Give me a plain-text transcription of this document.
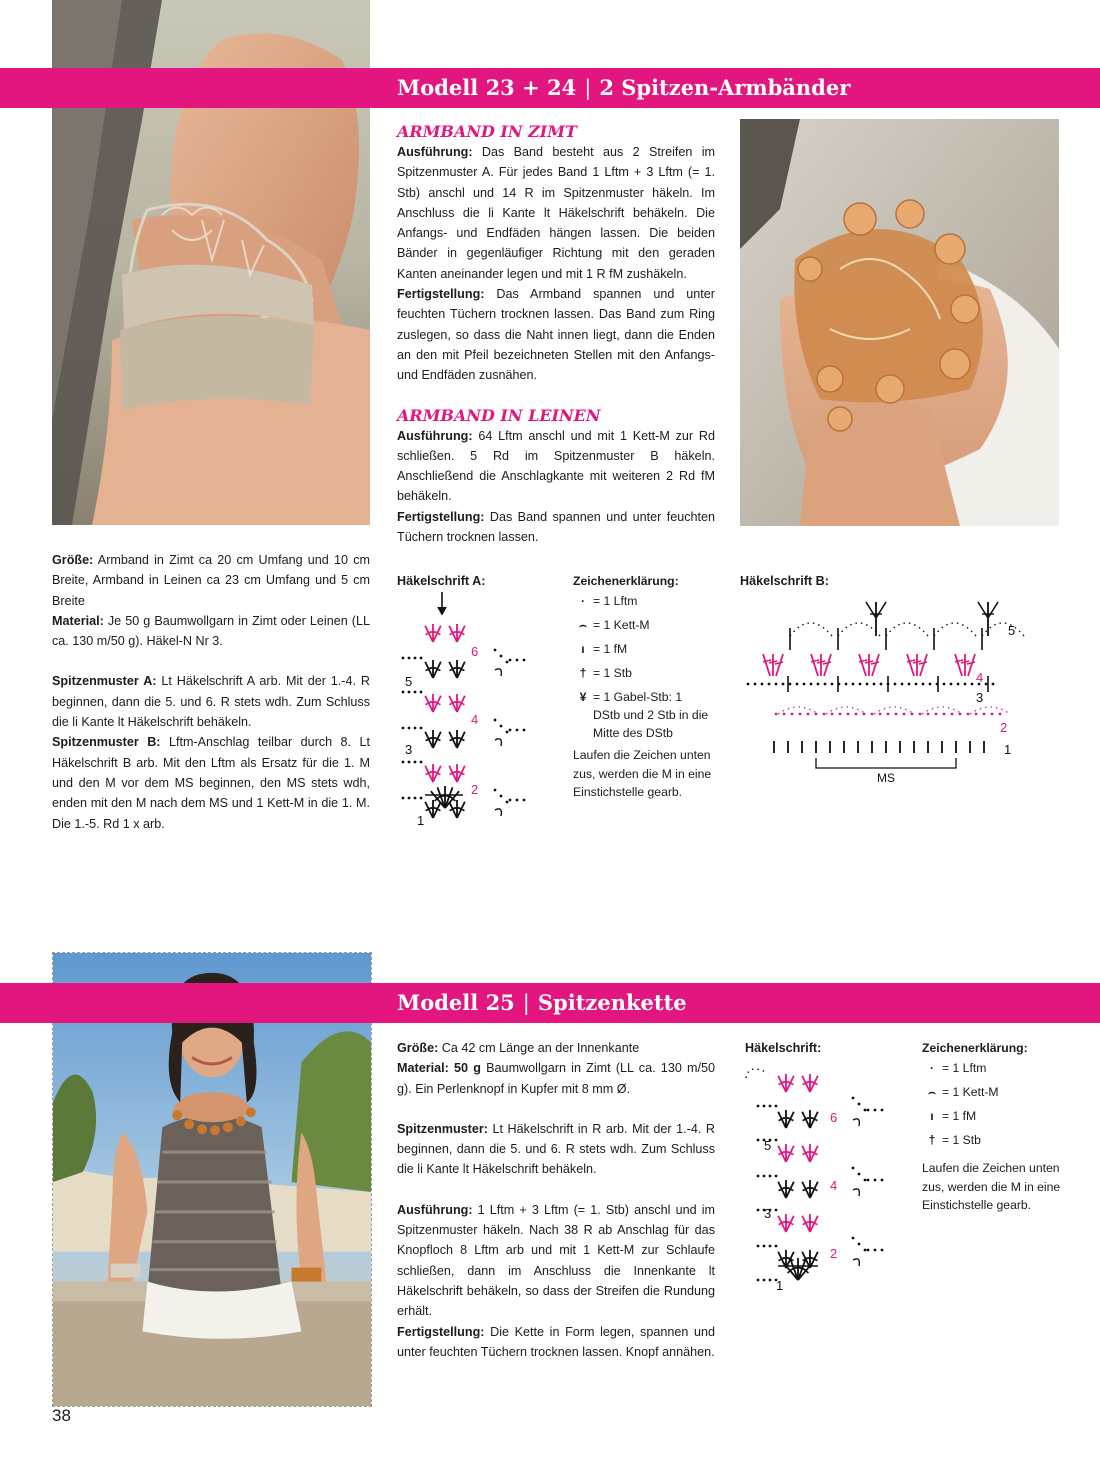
Modell 23 + 24 | 2 Spitzen-Armbänder

ARMBAND IN ZIMT

Ausführung: Das Band besteht aus 2 Streifen im Spitzenmuster A. Für jedes Band 1 Lftm + 3 Lftm (= 1. Stb) anschl und 14 R im Spitzenmuster häkeln. Im Anschluss die li Kante lt Häkelschrift behäkeln. Die Anfangs- und Endfäden hängen lassen. Die beiden Bänder in gegenläufiger Richtung mit den geraden Kanten aneinander legen und mit 1 R fM zushäkeln.

Fertigstellung: Das Armband spannen und unter feuchten Tüchern trocknen lassen. Das Band zum Ring zuslegen, so dass die Naht innen liegt, dann die Enden an den mit Pfeil bezeichneten Stellen mit den Anfangs- und Endfäden zusnähen.

ARMBAND IN LEINEN

Ausführung: 64 Lftm anschl und mit 1 Kett-M zur Rd schließen. 5 Rd im Spitzenmuster B häkeln. Anschließend die Anschlagkante mit weiteren 2 Rd fM behäkeln.

Fertigstellung: Das Band spannen und unter feuchten Tüchern trocknen lassen.

Größe: Armband in Zimt ca 20 cm Umfang und 10 cm Breite, Armband in Leinen ca 23 cm Umfang und 5 cm Breite

Material: Je 50 g Baumwollgarn in Zimt oder Leinen (LL ca. 130 m/50 g). Häkel-N Nr 3.

Spitzenmuster A: Lt Häkelschrift A arb. Mit der 1.-4. R beginnen, dann die 5. und 6. R stets wdh. Zum Schluss die li Kante lt Häkelschrift behäkeln.

Spitzenmuster B: Lftm-Anschlag teilbar durch 8. Lt Häkelschrift B arb. Mit den Lftm als Ersatz für die 1. M und den M vor dem MS beginnen, den MS stets wdh, enden mit den M nach dem MS und 1 Kett-M in die 1. M. Die 1.-5. Rd 1 x arb.

Häkelschrift A:
1
2
3
4
5
6
Zeichenerklärung:
· = 1 Lftm
⌢ = 1 Kett-M
ı = 1 fM
† = 1 Stb
¥ = 1 Gabel-Stb: 1 DStb und 2 Stb in die Mitte des DStb
Laufen die Zeichen unten zus, werden die M in eine Einstichstelle gearb.
Häkelschrift B:
MS
1
2
3
4
5
Modell 25 | Spitzenkette

Größe: Ca 42 cm Länge an der Innenkante

Material: 50 g Baumwollgarn in Zimt (LL ca. 130 m/50 g). Ein Perlenknopf in Kupfer mit 8 mm Ø.

Spitzenmuster: Lt Häkelschrift in R arb. Mit der 1.-4. R beginnen, dann die 5. und 6. R stets wdh. Zum Schluss die li Kante lt Häkelschrift behäkeln.

Ausführung: 1 Lftm + 3 Lftm (= 1. Stb) anschl und im Spitzenmuster häkeln. Nach 38 R ab Anschlag für das Knopfloch 8 Lftm arb und mit 1 Kett-M zur Schlaufe schließen, dann im Anschluss die Innenkante lt Häkelschrift behäkeln, so dass der Streifen die Rundung erhält.

Fertigstellung: Die Kette in Form legen, spannen und unter feuchten Tüchern trocknen lassen. Knopf annähen.

Häkelschrift:
1
2
3
4
5
6
Zeichenerklärung:
· = 1 Lftm
⌢ = 1 Kett-M
ı = 1 fM
† = 1 Stb
Laufen die Zeichen unten zus, werden die M in eine Einstichstelle gearb.
38
